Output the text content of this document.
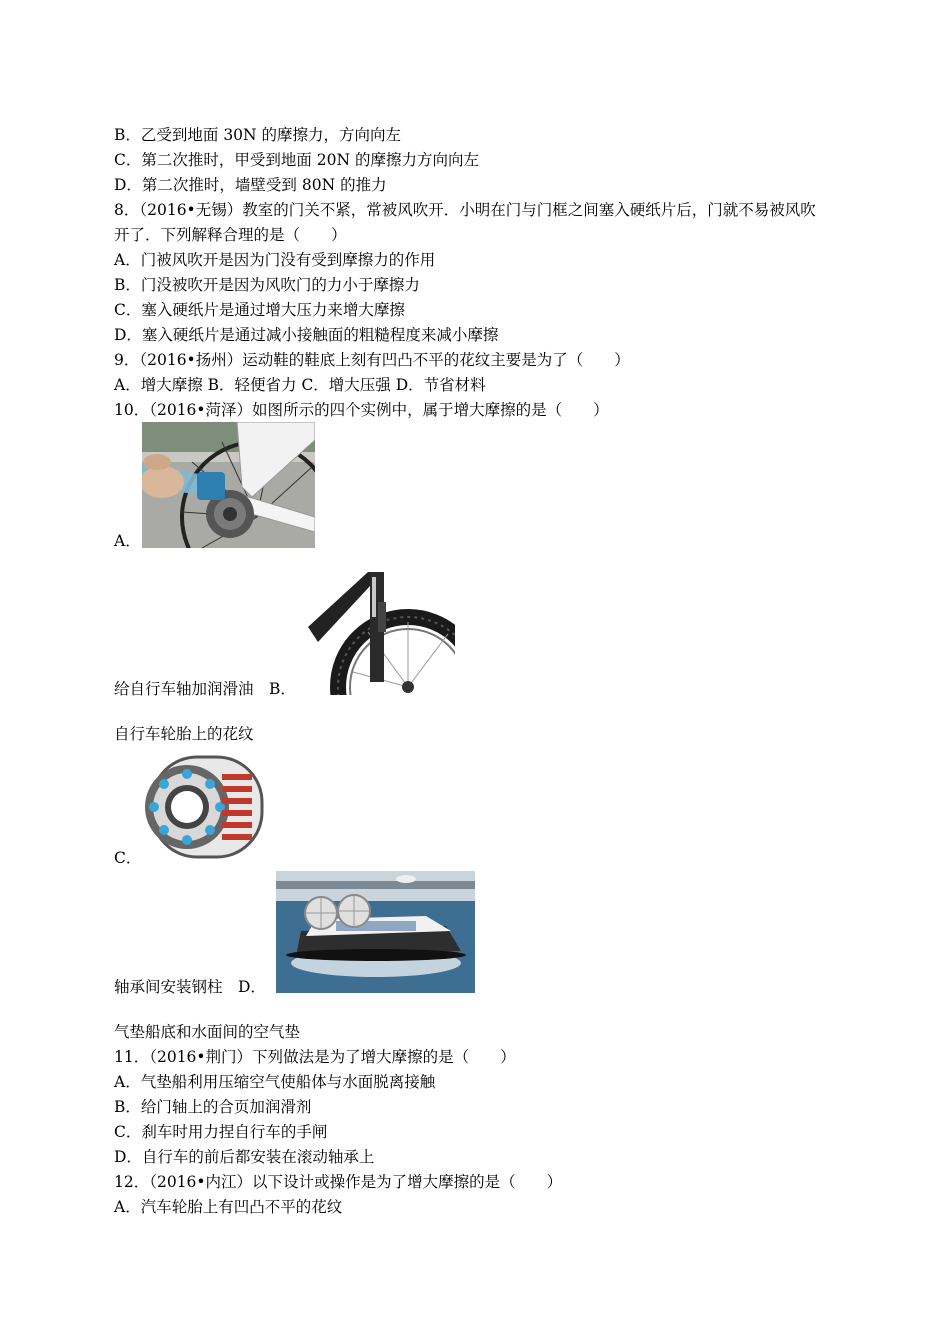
B．乙受到地面 30N 的摩擦力，方向向左
C．第二次推时，甲受到地面 20N 的摩擦力方向向左
D．第二次推时，墙壁受到 80N 的推力
8．（2016•无锡）教室的门关不紧，常被风吹开．小明在门与门框之间塞入硬纸片后，门就不易被风吹
开了．下列解释合理的是（　　）
A．门被风吹开是因为门没有受到摩擦力的作用
B．门没被吹开是因为风吹门的力小于摩擦力
C．塞入硬纸片是通过增大压力来增大摩擦
D．塞入硬纸片是通过减小接触面的粗糙程度来减小摩擦
9．（2016•扬州）运动鞋的鞋底上刻有凹凸不平的花纹主要是为了（　　）
A．增大摩擦 B．轻便省力 C．增大压强 D．节省材料
10．（2016•菏泽）如图所示的四个实例中，属于增大摩擦的是（　　）
A．
给自行车轴加润滑油　B．
自行车轮胎上的花纹
C．
轴承间安装钢柱　D．
气垫船底和水面间的空气垫
11．（2016•荆门）下列做法是为了增大摩擦的是（　　）
A．气垫船利用压缩空气使船体与水面脱离接触
B．给门轴上的合页加润滑剂
C．刹车时用力捏自行车的手闸
D．自行车的前后都安装在滚动轴承上
12．（2016•内江）以下设计或操作是为了增大摩擦的是（　　）
A．汽车轮胎上有凹凸不平的花纹
